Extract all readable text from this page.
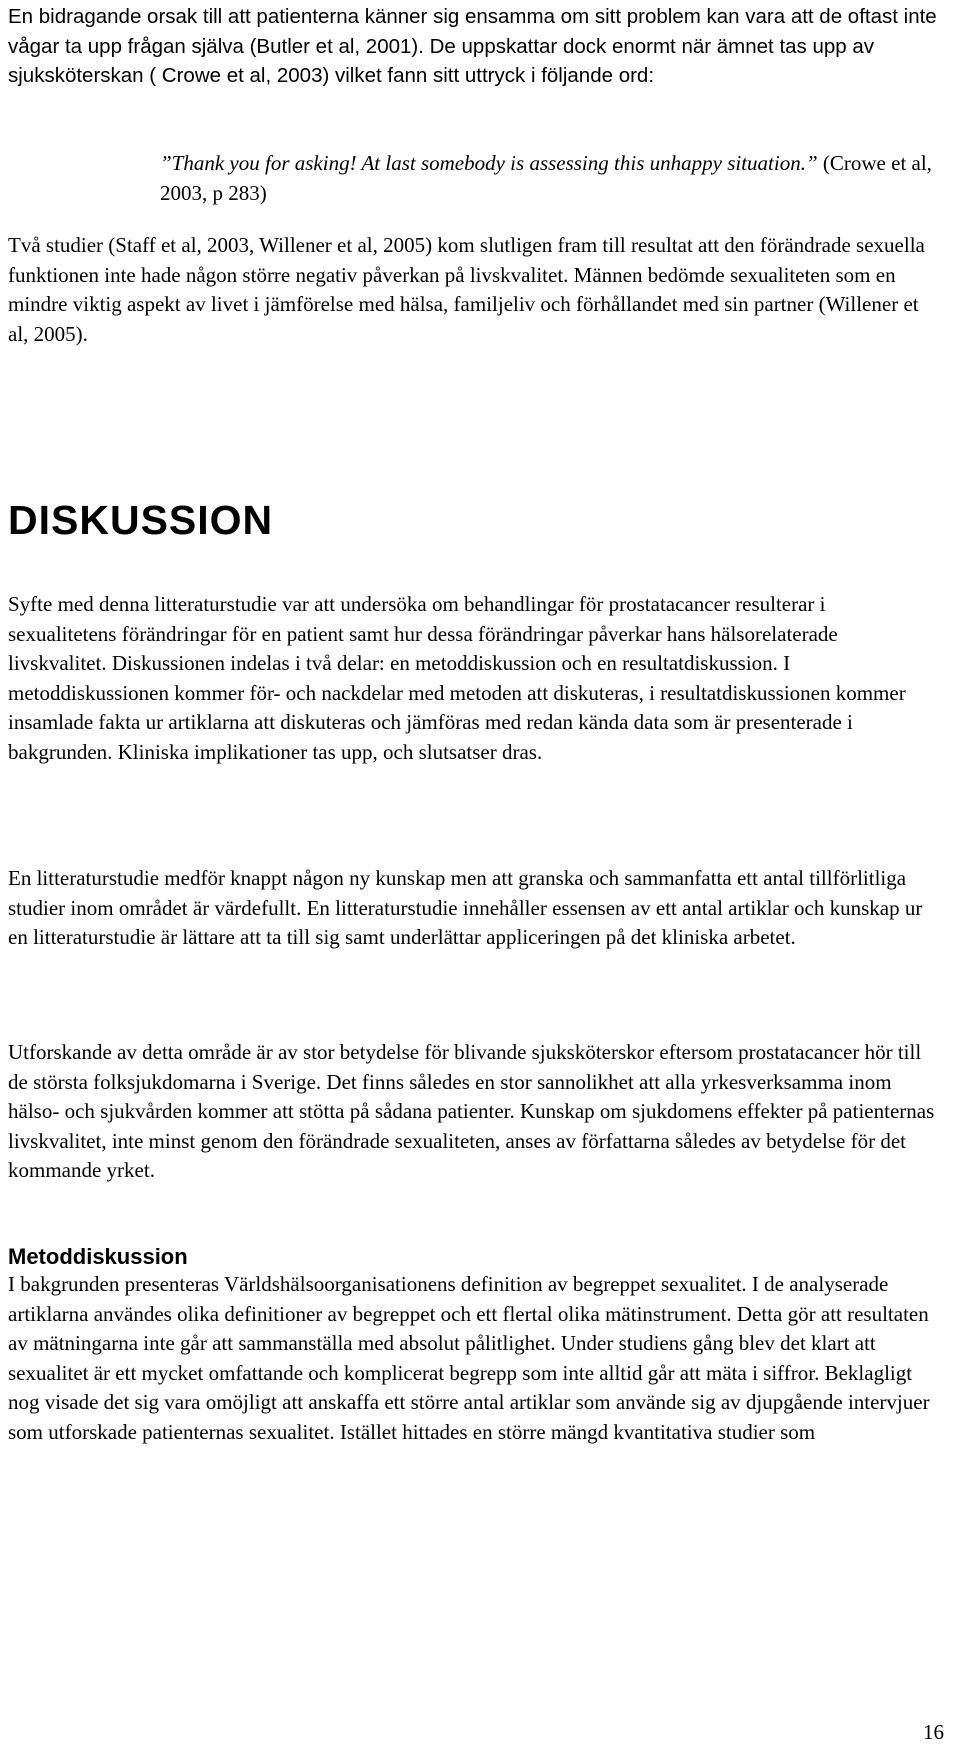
En bidragande orsak till att patienterna känner sig ensamma om sitt problem kan vara att de oftast inte vågar ta upp frågan själva (Butler et al, 2001). De uppskattar dock enormt när ämnet tas upp av sjuksköterskan ( Crowe et al, 2003) vilket fann sitt uttryck i följande ord:

”Thank you for asking! At last somebody is assessing this unhappy situation.” (Crowe et al, 2003, p 283)

Två studier (Staff et al, 2003, Willener et al, 2005) kom slutligen fram till resultat att den förändrade sexuella funktionen inte hade någon större negativ påverkan på livskvalitet. Männen bedömde sexualiteten som en mindre viktig aspekt av livet i jämförelse med hälsa, familjeliv och förhållandet med sin partner (Willener et al, 2005).

DISKUSSION

Syfte med denna litteraturstudie var att undersöka om behandlingar för prostatacancer resulterar i sexualitetens förändringar för en patient samt hur dessa förändringar påverkar hans hälsorelaterade livskvalitet. Diskussionen indelas i två delar: en metoddiskussion och en resultatdiskussion. I metoddiskussionen kommer för- och nackdelar med metoden att diskuteras, i resultatdiskussionen kommer insamlade fakta ur artiklarna att diskuteras och jämföras med redan kända data som är presenterade i bakgrunden. Kliniska implikationer tas upp, och slutsatser dras.

En litteraturstudie medför knappt någon ny kunskap men att granska och sammanfatta ett antal tillförlitliga studier inom området är värdefullt. En litteraturstudie innehåller essensen av ett antal artiklar och kunskap ur en litteraturstudie är lättare att ta till sig samt underlättar appliceringen på det kliniska arbetet.

Utforskande av detta område är av stor betydelse för blivande sjuksköterskor eftersom prostatacancer hör till de största folksjukdomarna i Sverige. Det finns således en stor sannolikhet att alla yrkesverksamma inom hälso- och sjukvården kommer att stötta på sådana patienter. Kunskap om sjukdomens effekter på patienternas livskvalitet, inte minst genom den förändrade sexualiteten, anses av författarna således av betydelse för det kommande yrket.

Metoddiskussion

I bakgrunden presenteras Världshälsoorganisationens definition av begreppet sexualitet. I de analyserade artiklarna användes olika definitioner av begreppet och ett flertal olika mätinstrument. Detta gör att resultaten av mätningarna inte går att sammanställa med absolut pålitlighet. Under studiens gång blev det klart att sexualitet är ett mycket omfattande och komplicerat begrepp som inte alltid går att mäta i siffror. Beklagligt nog visade det sig vara omöjligt att anskaffa ett större antal artiklar som använde sig av djupgående intervjuer som utforskade patienternas sexualitet. Istället hittades en större mängd kvantitativa studier som

16
